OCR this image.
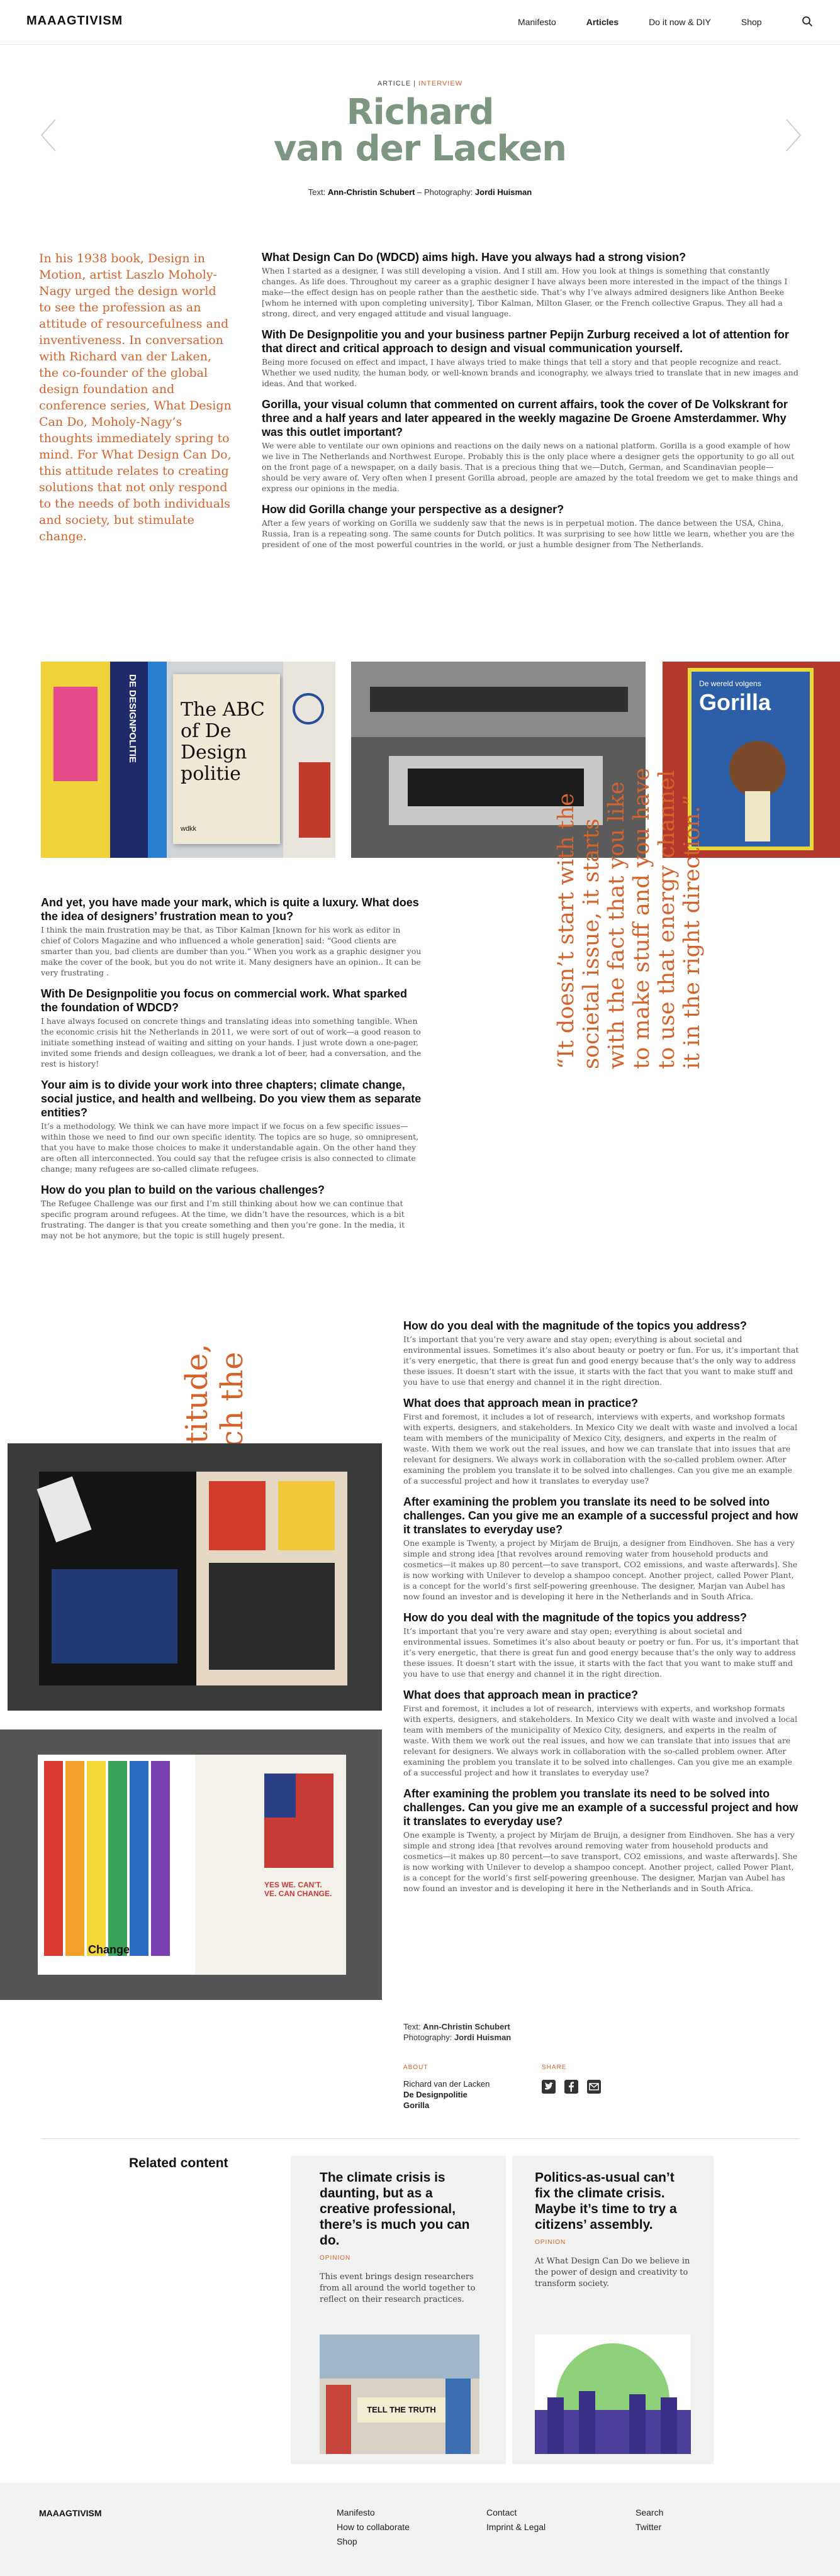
MAAAGTIVISM	Manifesto	Articles	Do it now & DIY	Shop
ARTICLE | INTERVIEW
Richard
van der Lacken
Text: Ann-Christin Schubert – Photography: Jordi Huisman
In his 1938 book, Design in Motion, artist Laszlo Moholy-Nagy urged the design world to see the profession as an attitude of resourcefulness and inventiveness. In conversation with Richard van der Laken, the co-founder of the global design foundation and conference series, What Design Can Do, Moholy-Nagy’s thoughts immediately spring to mind. For What Design Can Do, this attitude relates to creating solutions that not only respond to the needs of both individuals and society, but stimulate change.
What Design Can Do (WDCD) aims high. Have you always had a strong vision?

When I started as a designer, I was still developing a vision. And I still am. How you look at things is something that constantly changes. As life does. Throughout my career as a graphic designer I have always been more interested in the impact of the things I make—the effect design has on people rather than the aesthetic side. That’s why I’ve always admired designers like Anthon Beeke [whom he interned with upon completing university], Tibor Kalman, Milton Glaser, or the French collective Grapus. They all had a strong, direct, and very engaged attitude and visual language.

With De Designpolitie you and your business partner Pepijn Zurburg received a lot of attention for that direct and critical approach to design and visual communication yourself.

Being more focused on effect and impact, I have always tried to make things that tell a story and that people recognize and react. Whether we used nudity, the human body, or well-known brands and iconography, we always tried to translate that in new images and ideas. And that worked.

Gorilla, your visual column that commented on current affairs, took the cover of De Volkskrant for three and a half years and later appeared in the weekly magazine De Groene Amsterdammer. Why was this outlet important?

We were able to ventilate our own opinions and reactions on the daily news on a national platform. Gorilla is a good example of how we live in The Netherlands and Northwest Europe. Probably this is the only place where a designer gets the opportunity to go all out on the front page of a newspaper, on a daily basis. That is a precious thing that we—Dutch, German, and Scandinavian people—should be very aware of. Very often when I present Gorilla abroad, people are amazed by the total freedom we get to make things and express our opinions in the media.

How did Gorilla change your perspective as a designer?

After a few years of working on Gorilla we suddenly saw that the news is in perpetual motion. The dance between the USA, China, Russia, Iran is a repeating song. The same counts for Dutch politics. It was surprising to see how little we learn, whether you are the president of one of the most powerful countries in the world, or just a humble designer from The Netherlands.

DE DESIGNPOLITIE The ABC of De Design politie
wdkk
De wereld volgens
Gorilla
And yet, you have made your mark, which is quite a luxury. What does the idea of designers’ frustration mean to you?

I think the main frustration may be that, as Tibor Kalman [known for his work as editor in chief of Colors Magazine and who influenced a whole generation] said: “Good clients are smarter than you, bad clients are dumber than you.” When you work as a graphic designer you make the cover of the book, but you do not write it. Many designers have an opinion.. It can be very frustrating .

With De Designpolitie you focus on commercial work. What sparked the foundation of WDCD?

I have always focused on concrete things and translating ideas into something tangible. When the economic crisis hit the Netherlands in 2011, we were sort of out of work—a good reason to initiate something instead of waiting and sitting on your hands. I just wrote down a one-pager, invited some friends and design colleagues, we drank a lot of beer, had a conversation, and the rest is history!

Your aim is to divide your work into three chapters; climate change, social justice, and health and wellbeing. Do you view them as separate entities?

It’s a methodology. We think we can have more impact if we focus on a few specific issues—within those we need to find our own specific identity. The topics are so huge, so omnipresent, that you have to make those choices to make it understandable again. On the other hand they are often all interconnected. You could say that the refugee crisis is also connected to climate change; many refugees are so-called climate refugees.

How do you plan to build on the various challenges?

The Refugee Challenge was our first and I’m still thinking about how we can continue that specific program around refugees. At the time, we didn’t have the resources, which is a bit frustrating. The danger is that you create something and then you’re gone. In the media, it may not be hot anymore, but the topic is still hugely present.

“It doesn’t start with the societal issue, it starts with the fact that you like to make stuff and you have to use that energy channel it in the right direction.”
attitude, the
Change
YES WE. CAN'T. VE. CAN CHANGE.
How do you deal with the magnitude of the topics you address?

It’s important that you’re very aware and stay open; everything is about societal and environmental issues. Sometimes it’s also about beauty or poetry or fun. For us, it’s important that it’s very energetic, that there is great fun and good energy because that’s the only way to address these issues. It doesn’t start with the issue, it starts with the fact that you want to make stuff and you have to use that energy and channel it in the right direction.

What does that approach mean in practice?

First and foremost, it includes a lot of research, interviews with experts, and workshop formats with experts, designers, and stakeholders. In Mexico City we dealt with waste and involved a local team with members of the municipality of Mexico City, designers, and experts in the realm of waste. With them we work out the real issues, and how we can translate that into issues that are relevant for designers. We always work in collaboration with the so-called problem owner. After examining the problem you translate it to be solved into challenges. Can you give me an example of a successful project and how it translates to everyday use?

After examining the problem you translate its need to be solved into challenges. Can you give me an example of a successful project and how it translates to everyday use?

One example is Twenty, a project by Mirjam de Bruijn, a designer from Eindhoven. She has a very simple and strong idea [that revolves around removing water from household products and cosmetics—it makes up 80 percent—to save transport, CO2 emissions, and waste afterwards]. She is now working with Unilever to develop a shampoo concept. Another project, called Power Plant, is a concept for the world’s first self-powering greenhouse. The designer, Marjan van Aubel has now found an investor and is developing it here in the Netherlands and in South Africa.

How do you deal with the magnitude of the topics you address?

It’s important that you’re very aware and stay open; everything is about societal and environmental issues. Sometimes it’s also about beauty or poetry or fun. For us, it’s important that it’s very energetic, that there is great fun and good energy because that’s the only way to address these issues. It doesn’t start with the issue, it starts with the fact that you want to make stuff and you have to use that energy and channel it in the right direction.

What does that approach mean in practice?

First and foremost, it includes a lot of research, interviews with experts, and workshop formats with experts, designers, and stakeholders. In Mexico City we dealt with waste and involved a local team with members of the municipality of Mexico City, designers, and experts in the realm of waste. With them we work out the real issues, and how we can translate that into issues that are relevant for designers. We always work in collaboration with the so-called problem owner. After examining the problem you translate it to be solved into challenges. Can you give me an example of a successful project and how it translates to everyday use?

After examining the problem you translate its need to be solved into challenges. Can you give me an example of a successful project and how it translates to everyday use?

One example is Twenty, a project by Mirjam de Bruijn, a designer from Eindhoven. She has a very simple and strong idea [that revolves around removing water from household products and cosmetics—it makes up 80 percent—to save transport, CO2 emissions, and waste afterwards]. She is now working with Unilever to develop a shampoo concept. Another project, called Power Plant, is a concept for the world’s first self-powering greenhouse. The designer, Marjan van Aubel has now found an investor and is developing it here in the Netherlands and in South Africa.

Text: Ann-Christin Schubert
Photography: Jordi Huisman
ABOUT
Richard van der Lacken
De Designpolitie
Gorilla
SHARE
Related content
The climate crisis is daunting, but as a creative professional, there’s is much you can do.
OPINION

This event brings design researchers from all around the world together to reflect on their research practices.

TELL THE TRUTH
Politics-as-usual can’t fix the climate crisis. Maybe it’s time to try a citizens’ assembly.
OPINION

At What Design Can Do we believe in the power of design and creativity to transform society.

MAAAGTIVISM	Manifesto
How to collaborate
Shop
Contact
Imprint & Legal
Search
Twitter
